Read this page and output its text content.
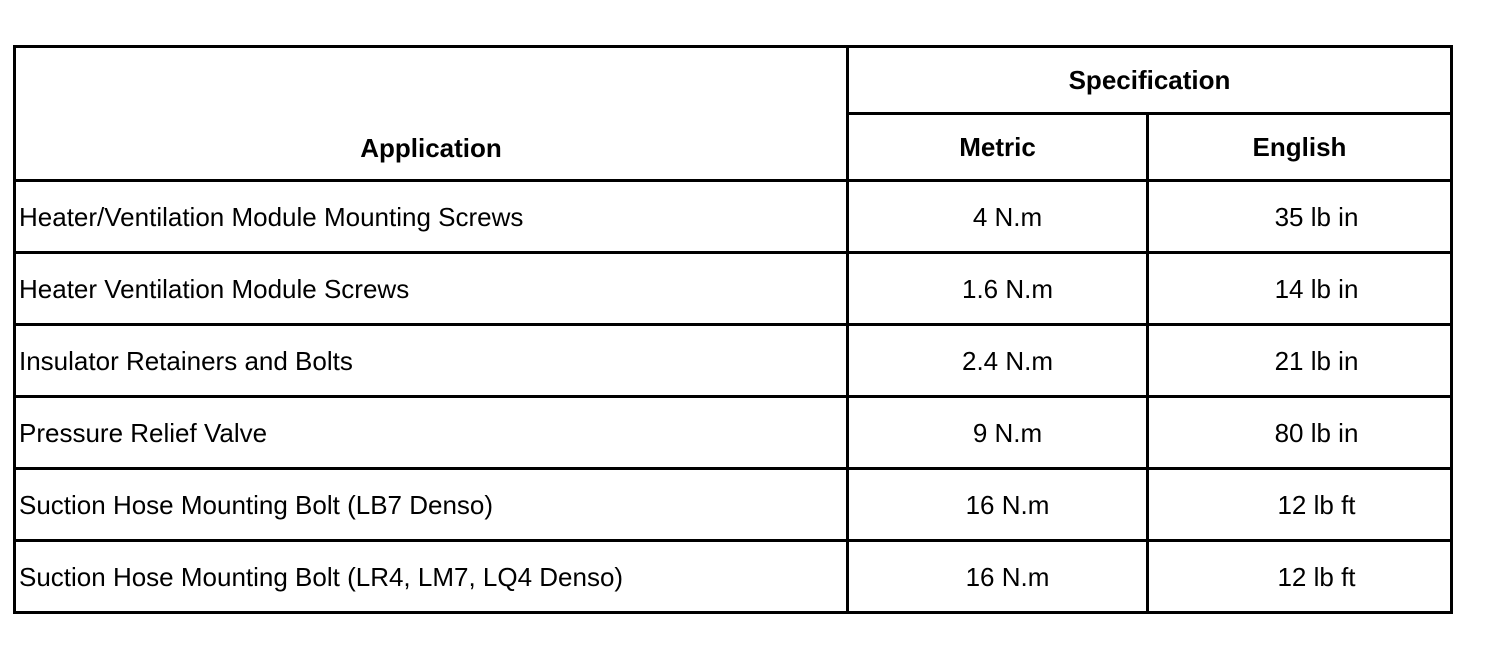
Application	Specification	
	Metric	English
Heater/Ventilation Module Mounting Screws	4 N.m	35 lb in
Heater Ventilation Module Screws	1.6 N.m	14 lb in
Insulator Retainers and Bolts	2.4 N.m	21 lb in
Pressure Relief Valve	9 N.m	80 lb in
Suction Hose Mounting Bolt (LB7 Denso)	16 N.m	12 lb ft
Suction Hose Mounting Bolt (LR4, LM7, LQ4 Denso)	16 N.m	12 lb ft
